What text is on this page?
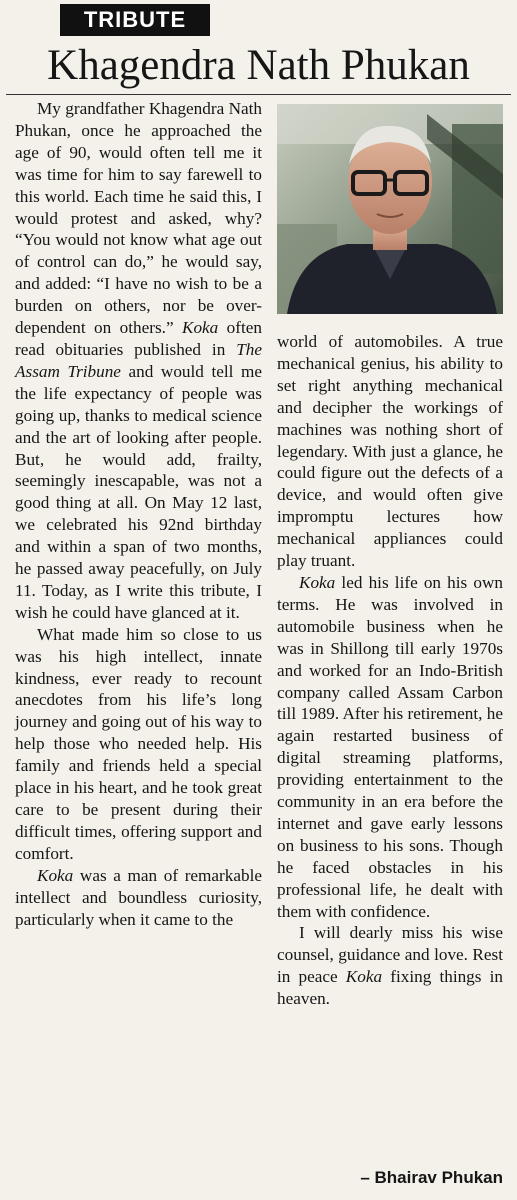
TRIBUTE
Khagendra Nath Phukan

My grandfather Khagendra Nath Phukan, once he approached the age of 90, would often tell me it was time for him to say farewell to this world. Each time he said this, I would protest and asked, why? “You would not know what age out of control can do,” he would say, and added: “I have no wish to be a burden on others, nor be over-dependent on others.” Koka often read obituaries published in The Assam Tribune and would tell me the life expectancy of people was going up, thanks to medical science and the art of looking after people. But, he would add, frailty, seemingly inescapable, was not a good thing at all. On May 12 last, we celebrated his 92nd birthday and within a span of two months, he passed away peacefully, on July 11. Today, as I write this tribute, I wish he could have glanced at it.

What made him so close to us was his high intellect, innate kindness, ever ready to recount anecdotes from his life’s long journey and going out of his way to help those who needed help. His family and friends held a special place in his heart, and he took great care to be present during their difficult times, offering support and comfort.

Koka was a man of remarkable intellect and boundless curiosity, particularly when it came to the

world of automobiles. A true mechanical genius, his ability to set right anything mechanical and decipher the workings of machines was nothing short of legendary. With just a glance, he could figure out the defects of a device, and would often give impromptu lectures how mechanical appliances could play truant.

Koka led his life on his own terms. He was involved in automobile business when he was in Shillong till early 1970s and worked for an Indo-British company called Assam Carbon till 1989. After his retirement, he again restarted business of digital streaming platforms, providing entertainment to the community in an era before the internet and gave early lessons on business to his sons. Though he faced obstacles in his professional life, he dealt with them with confidence.

I will dearly miss his wise counsel, guidance and love. Rest in peace Koka fixing things in heaven.

– Bhairav Phukan
